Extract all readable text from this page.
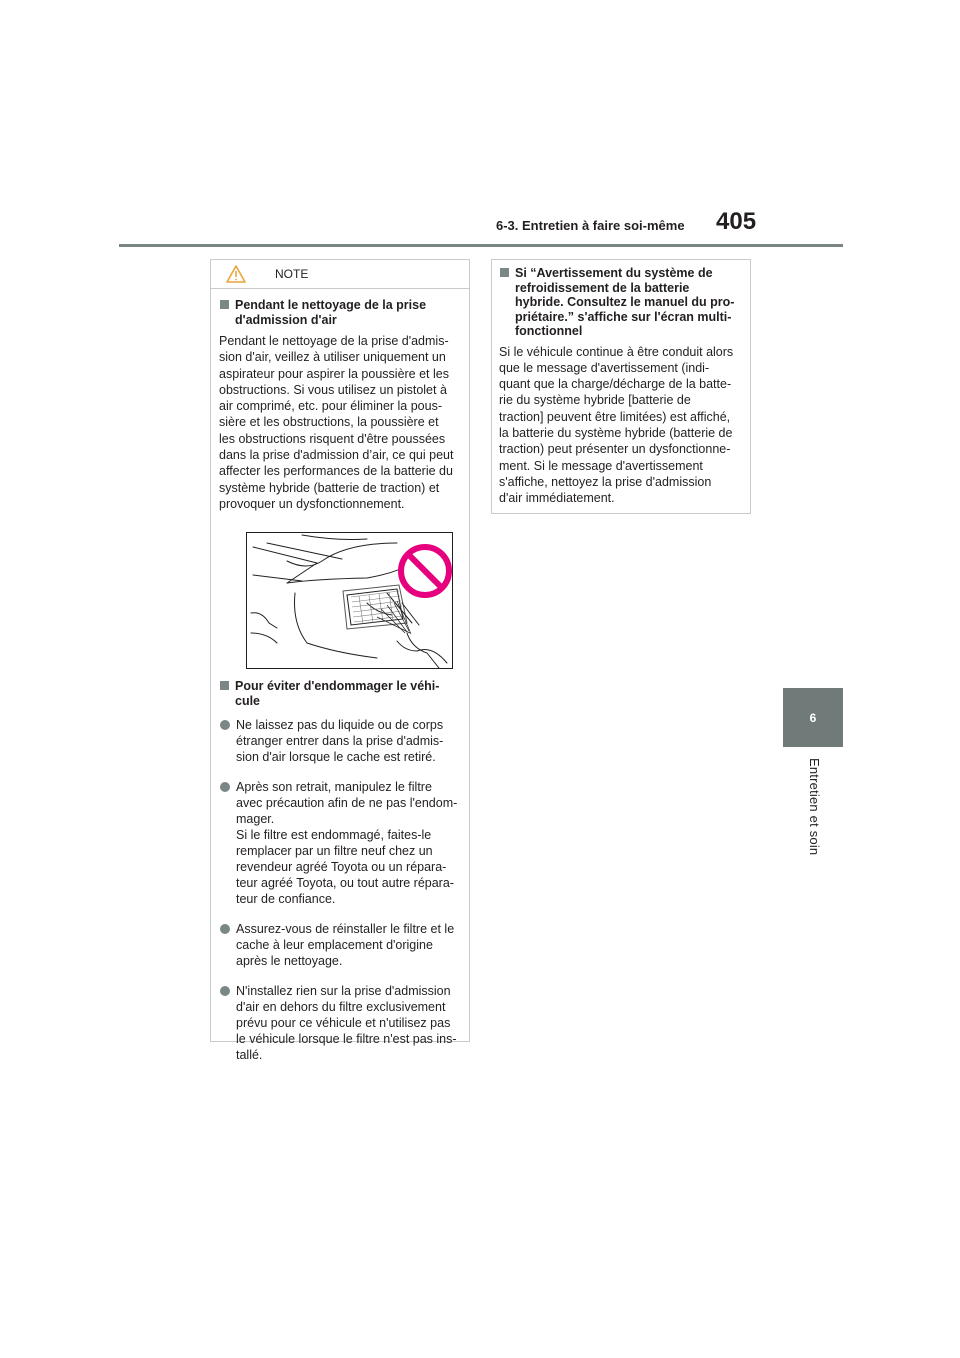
6-3. Entretien à faire soi-même	405
6
Entretien et soin
NOTE
Pendant le nettoyage de la prise d'admission d'air

Pendant le nettoyage de la prise d'admis-
sion d'air, veillez à utiliser uniquement un
aspirateur pour aspirer la poussière et les
obstructions. Si vous utilisez un pistolet à
air comprimé, etc. pour éliminer la pous-
sière et les obstructions, la poussière et
les obstructions risquent d'être poussées
dans la prise d'admission d’air, ce qui peut
affecter les performances de la batterie du
système hybride (batterie de traction) et
provoquer un dysfonctionnement.

Pour éviter d'endommager le véhi-
cule
Ne laissez pas du liquide ou de corps
étranger entrer dans la prise d'admis-
sion d'air lorsque le cache est retiré.
Après son retrait, manipulez le filtre
avec précaution afin de ne pas l'endom-
mager.
Si le filtre est endommagé, faites-le
remplacer par un filtre neuf chez un
revendeur agréé Toyota ou un répara-
teur agréé Toyota, ou tout autre répara-
teur de confiance.
Assurez-vous de réinstaller le filtre et le
cache à leur emplacement d'origine
après le nettoyage.
N'installez rien sur la prise d'admission
d'air en dehors du filtre exclusivement
prévu pour ce véhicule et n'utilisez pas
le véhicule lorsque le filtre n'est pas ins-
tallé.
Si “Avertissement du système de
refroidissement de la batterie
hybride. Consultez le manuel du pro-
priétaire.” s'affiche sur l'écran multi-
fonctionnel

Si le véhicule continue à être conduit alors
que le message d'avertissement (indi-
quant que la charge/décharge de la batte-
rie du système hybride [batterie de
traction] peuvent être limitées) est affiché,
la batterie du système hybride (batterie de
traction) peut présenter un dysfonctionne-
ment. Si le message d'avertissement
s'affiche, nettoyez la prise d'admission
d'air immédiatement.
